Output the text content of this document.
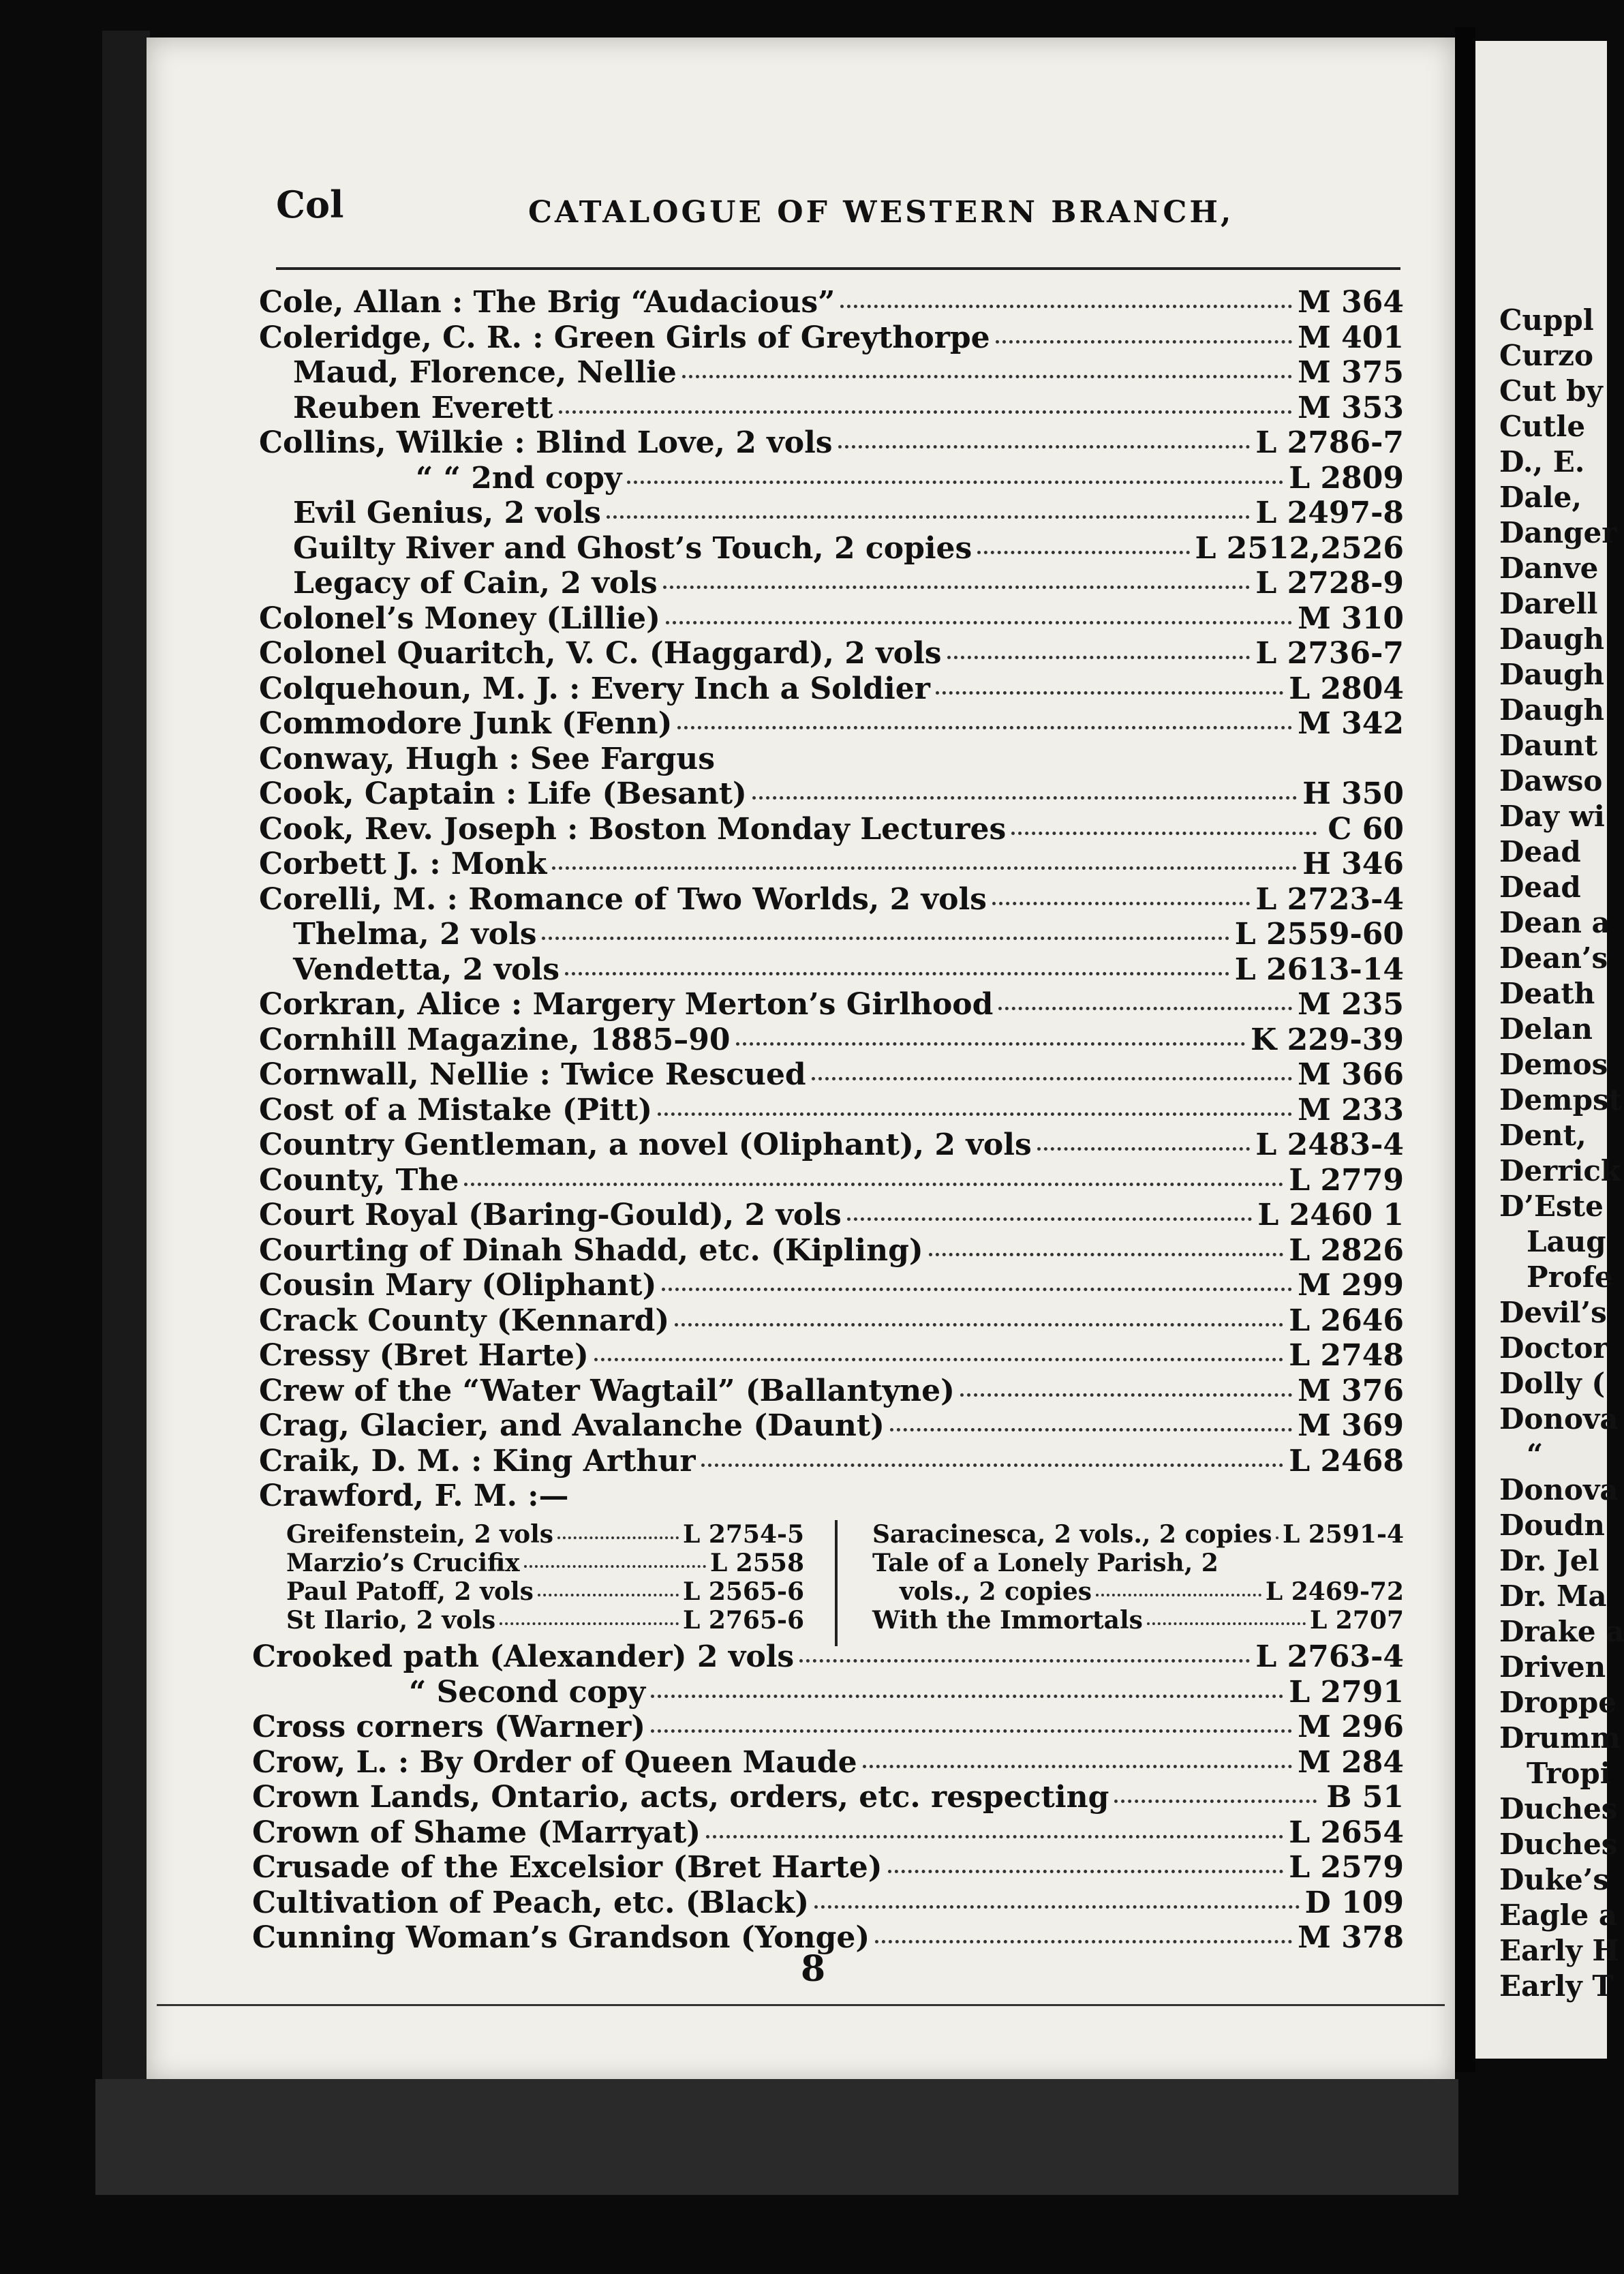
Col	CATALOGUE OF WESTERN BRANCH,
Cole, Allan : The Brig “Audacious”	M 364
Coleridge, C. R. : Green Girls of Greythorpe	M 401
Maud, Florence, Nellie	M 375
Reuben Everett	M 353
Collins, Wilkie : Blind Love, 2 vols	L 2786-7
“ “ 2nd copy	L 2809
Evil Genius, 2 vols	L 2497-8
Guilty River and Ghost’s Touch, 2 copies	L 2512,2526
Legacy of Cain, 2 vols	L 2728-9
Colonel’s Money (Lillie)	M 310
Colonel Quaritch, V. C. (Haggard), 2 vols	L 2736-7
Colquehoun, M. J. : Every Inch a Soldier	L 2804
Commodore Junk (Fenn)	M 342
Conway, Hugh : See Fargus
Cook, Captain : Life (Besant)	H 350
Cook, Rev. Joseph : Boston Monday Lectures	C 60
Corbett J. : Monk	H 346
Corelli, M. : Romance of Two Worlds, 2 vols	L 2723-4
Thelma, 2 vols	L 2559-60
Vendetta, 2 vols	L 2613-14
Corkran, Alice : Margery Merton’s Girlhood	M 235
Cornhill Magazine, 1885–90	K 229-39
Cornwall, Nellie : Twice Rescued	M 366
Cost of a Mistake (Pitt)	M 233
Country Gentleman, a novel (Oliphant), 2 vols	L 2483-4
County, The	L 2779
Court Royal (Baring-Gould), 2 vols	L 2460 1
Courting of Dinah Shadd, etc. (Kipling)	L 2826
Cousin Mary (Oliphant)	M 299
Crack County (Kennard)	L 2646
Cressy (Bret Harte)	L 2748
Crew of the “Water Wagtail” (Ballantyne)	M 376
Crag, Glacier, and Avalanche (Daunt)	M 369
Craik, D. M. : King Arthur	L 2468
Crawford, F. M. :—
Greifenstein, 2 vols	L 2754-5
Marzio’s Crucifix	L 2558
Paul Patoff, 2 vols	L 2565-6
St Ilario, 2 vols	L 2765-6
Saracinesca, 2 vols., 2 copies L 2591-4
Tale of a Lonely Parish, 2
vols., 2 copies	L 2469-72
With the Immortals	L 2707
Crooked path (Alexander) 2 vols	L 2763-4
“ Second copy	L 2791
Cross corners (Warner)	M 296
Crow, L. : By Order of Queen Maude	M 284
Crown Lands, Ontario, acts, orders, etc. respecting	B 51
Crown of Shame (Marryat)	L 2654
Crusade of the Excelsior (Bret Harte)	L 2579
Cultivation of Peach, etc. (Black)	D 109
Cunning Woman’s Grandson (Yonge)	M 378
8
Cuppl
Curzo
Cut by
Cutle
D., E.
Dale,
Danger
Danve
Darell
Daugh
Daugh
Daugh
Daunt
Dawso
Day wi
Dead
Dead
Dean a
Dean’s
Death
Delan
Demos
Dempst
Dent,
Derrick
D’Este
Laug
Profe
Devil’s
Doctor
Dolly (
Donova
“
Donova
Doudn
Dr. Jel
Dr. Ma
Drake a
Driven
Droppe
Drumm
Tropi
Duches
Duches
Duke’s
Eagle a
Early H
Early T
